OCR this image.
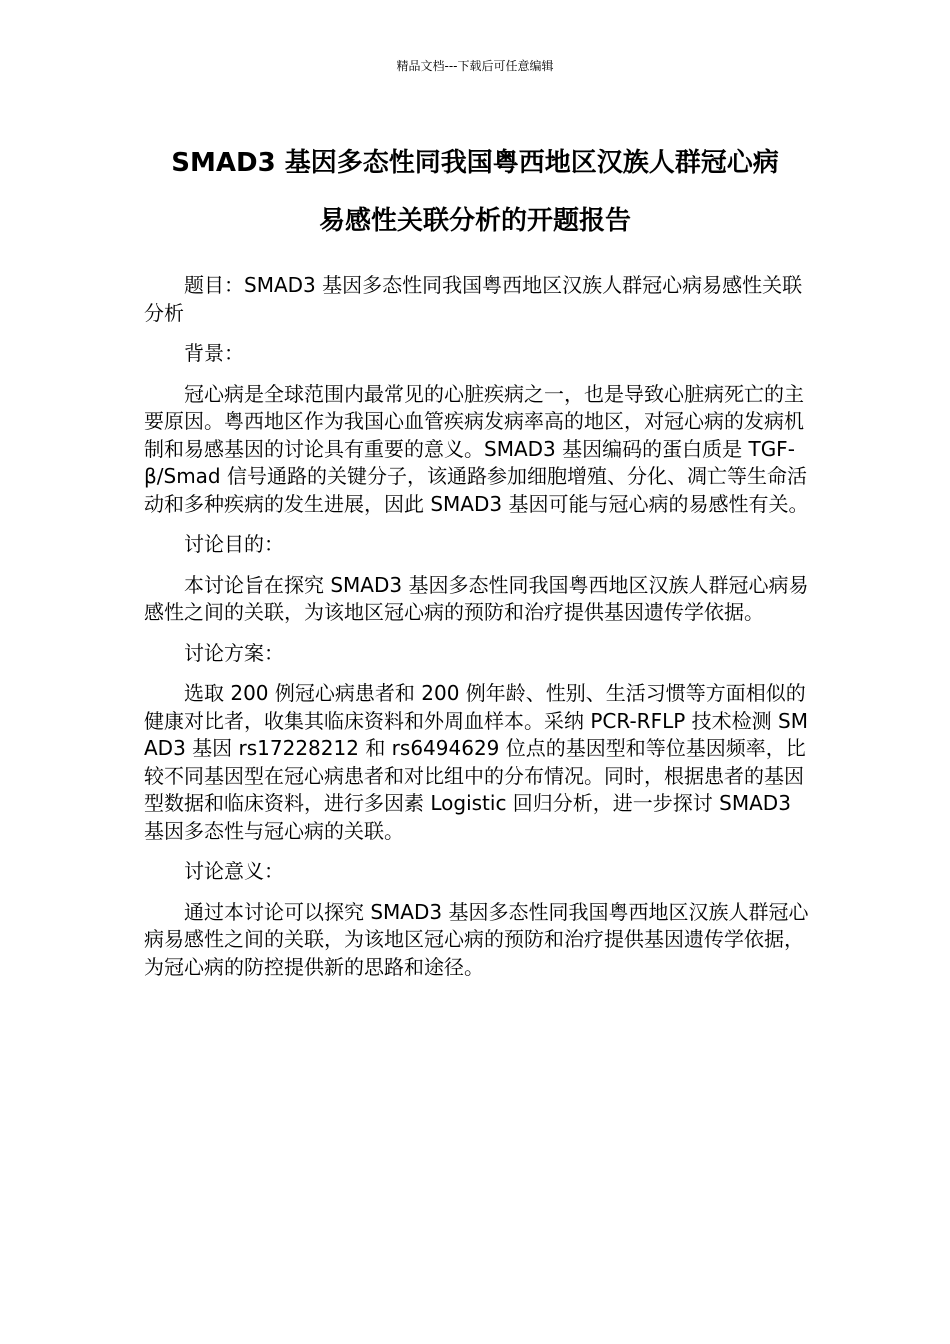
精品文档---下载后可任意编辑
SMAD3 基因多态性同我国粤西地区汉族人群冠心病
易感性关联分析的开题报告

题目：SMAD3 基因多态性同我国粤西地区汉族人群冠心病易感性关联分析

背景：

冠心病是全球范围内最常见的心脏疾病之一，也是导致心脏病死亡的主要原因。粤西地区作为我国心血管疾病发病率高的地区，对冠心病的发病机制和易感基因的讨论具有重要的意义。SMAD3 基因编码的蛋白质是 TGF-β/Smad 信号通路的关键分子，该通路参加细胞增殖、分化、凋亡等生命活动和多种疾病的发生进展，因此 SMAD3 基因可能与冠心病的易感性有关。

讨论目的：

本讨论旨在探究 SMAD3 基因多态性同我国粤西地区汉族人群冠心病易感性之间的关联，为该地区冠心病的预防和治疗提供基因遗传学依据。

讨论方案：

选取 200 例冠心病患者和 200 例年龄、性别、生活习惯等方面相似的健康对比者，收集其临床资料和外周血样本。采纳 PCR-RFLP 技术检测 SMAD3 基因 rs17228212 和 rs6494629 位点的基因型和等位基因频率，比较不同基因型在冠心病患者和对比组中的分布情况。同时，根据患者的基因型数据和临床资料，进行多因素 Logistic 回归分析，进一步探讨 SMAD3 基因多态性与冠心病的关联。

讨论意义：

通过本讨论可以探究 SMAD3 基因多态性同我国粤西地区汉族人群冠心病易感性之间的关联，为该地区冠心病的预防和治疗提供基因遗传学依据，为冠心病的防控提供新的思路和途径。
